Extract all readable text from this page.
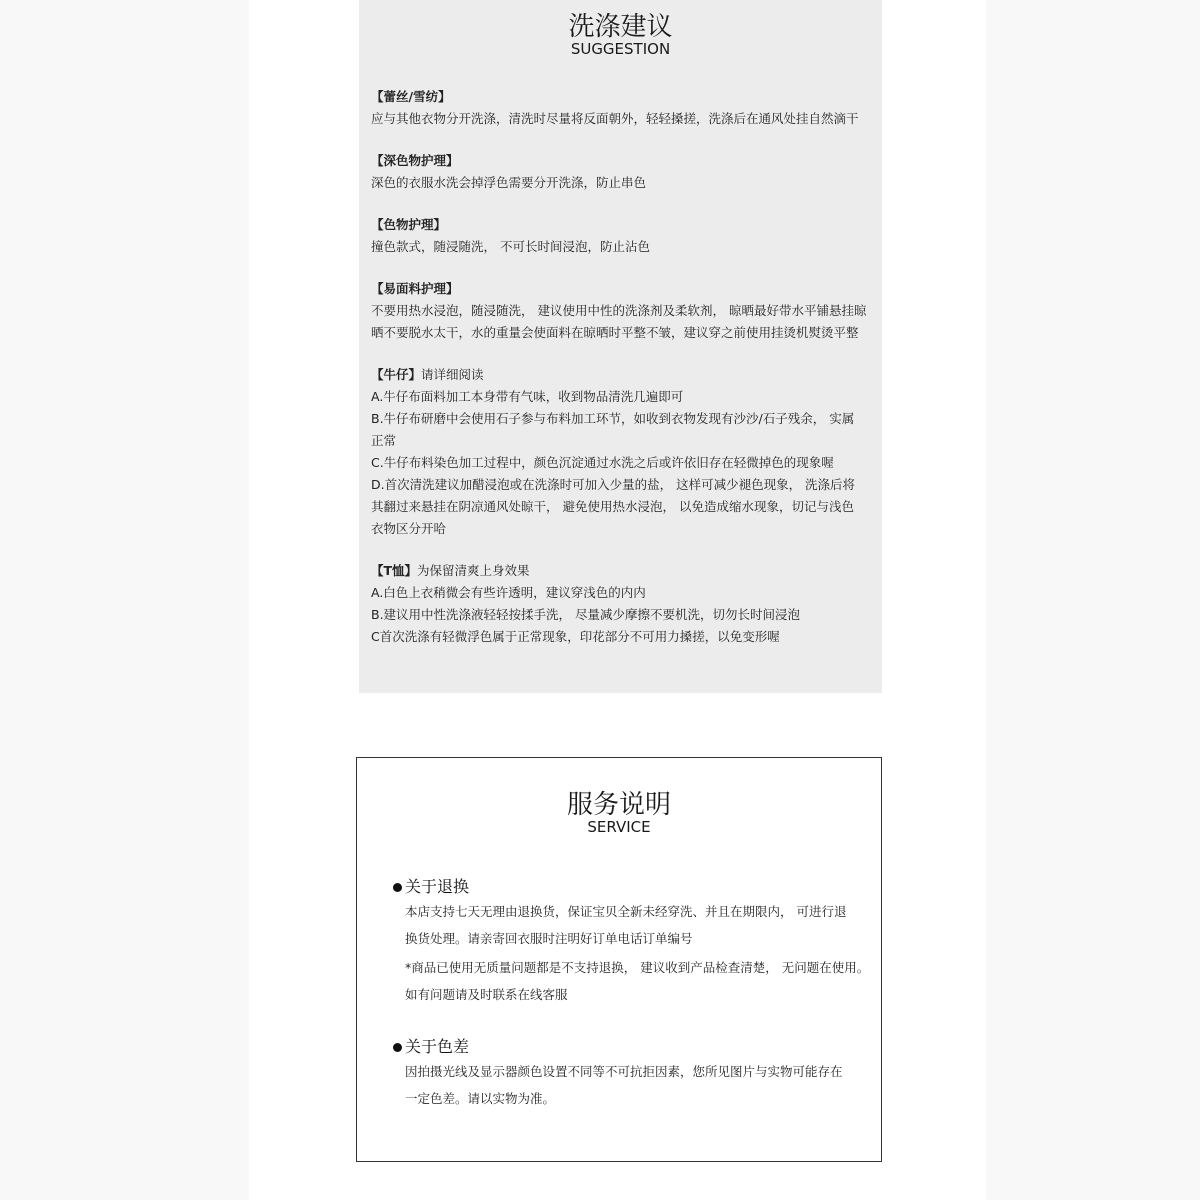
洗涤建议
SUGGESTION
【蕾丝/雪纺】
应与其他衣物分开洗涤，清洗时尽量将反面朝外，轻轻搡搓，洗涤后在通风处挂自然滴干
【深色物护理】
深色的衣服水洗会掉浮色需要分开洗涤，防止串色
【色物护理】
撞色款式，随浸随洗， 不可长时间浸泡，防止沾色
【易面料护理】
不要用热水浸泡，随浸随洗， 建议使用中性的洗涤剂及柔软剂， 晾晒最好带水平铺悬挂晾
晒不要脱水太干，水的重量会使面料在晾晒时平整不皱，建议穿之前使用挂烫机熨烫平整
【牛仔】请详细阅读
A.牛仔布面料加工本身带有气味，收到物品清洗几遍即可
B.牛仔布研磨中会使用石子参与布料加工环节，如收到衣物发现有沙沙/石子残余， 实属
正常
C.牛仔布料染色加工过程中，颜色沉淀通过水洗之后或许依旧存在轻微掉色的现象喔
D.首次清洗建议加醋浸泡或在洗涤时可加入少量的盐， 这样可减少褪色现象， 洗涤后将
其翻过来悬挂在阴凉通风处晾干， 避免使用热水浸泡， 以免造成缩水现象，切记与浅色
衣物区分开哈
【T恤】为保留清爽上身效果
A.白色上衣稍微会有些许透明，建议穿浅色的内内
B.建议用中性洗涤液轻轻按揉手洗， 尽量减少摩擦不要机洗，切勿长时间浸泡
C首次洗涤有轻微浮色属于正常现象，印花部分不可用力搡搓，以免变形喔
服务说明
SERVICE
关于退换
本店支持七天无理由退换货，保证宝贝全新未经穿洗、并且在期限内， 可进行退
换货处理。请亲寄回衣服时注明好订单电话订单编号
*商品已使用无质量问题都是不支持退换， 建议收到产品检查清楚， 无问题在使用。
如有问题请及时联系在线客服
关于色差
因拍摄光线及显示器颜色设置不同等不可抗拒因素，您所见图片与实物可能存在
一定色差。请以实物为准。
